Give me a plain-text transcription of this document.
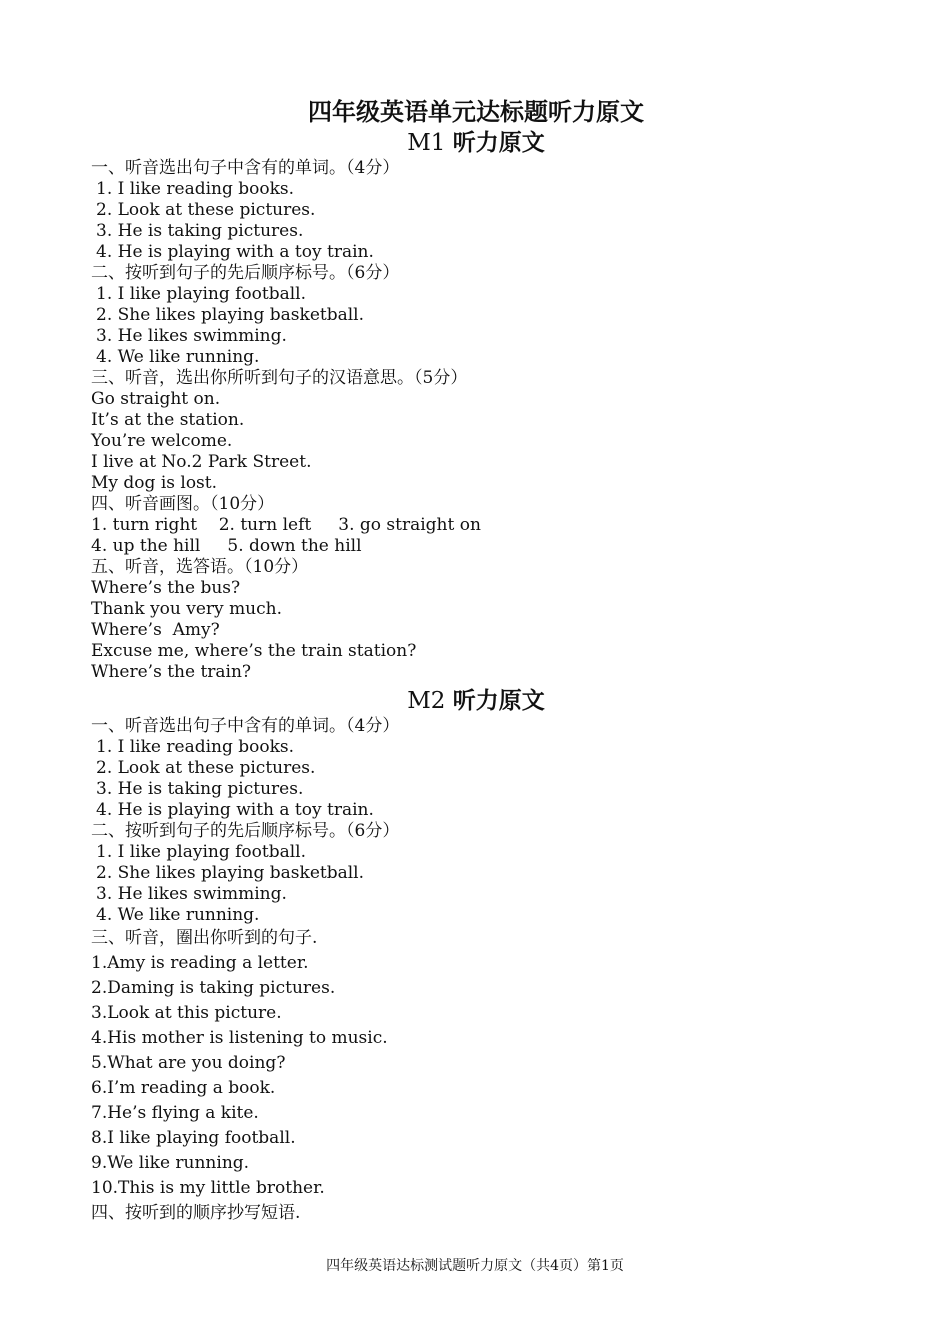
四年级英语单元达标题听力原文

M1 听力原文

一、听音选出句子中含有的单词。（4分）

1. I like reading books.

2. Look at these pictures.

3. He is taking pictures.

4. He is playing with a toy train.

二、按听到句子的先后顺序标号。（6分）

1. I like playing football.

2. She likes playing basketball.

3. He likes swimming.

4. We like running.

三、听音，选出你所听到句子的汉语意思。（5分）

Go straight on.

It’s at the station.

You’re welcome.

I live at No.2 Park Street.

My dog is lost.

四、听音画图。（10分）

1. turn right    2. turn left     3. go straight on

4. up the hill     5. down the hill

五、听音，选答语。（10分）

Where’s the bus?

Thank you very much.

Where’s  Amy?

Excuse me, where’s the train station?

Where’s the train?

M2 听力原文

一、听音选出句子中含有的单词。（4分）

1. I like reading books.

2. Look at these pictures.

3. He is taking pictures.

4. He is playing with a toy train.

二、按听到句子的先后顺序标号。（6分）

1. I like playing football.

2. She likes playing basketball.

3. He likes swimming.

4. We like running.

三、听音，圈出你听到的句子.

1.Amy is reading a letter.

2.Daming is taking pictures.

3.Look at this picture.

4.His mother is listening to music.

5.What are you doing?

6.I’m reading a book.

7.He’s flying a kite.

8.I like playing football.

9.We like running.

10.This is my little brother.

四、按听到的顺序抄写短语.

四年级英语达标测试题听力原文（共4页）第1页
